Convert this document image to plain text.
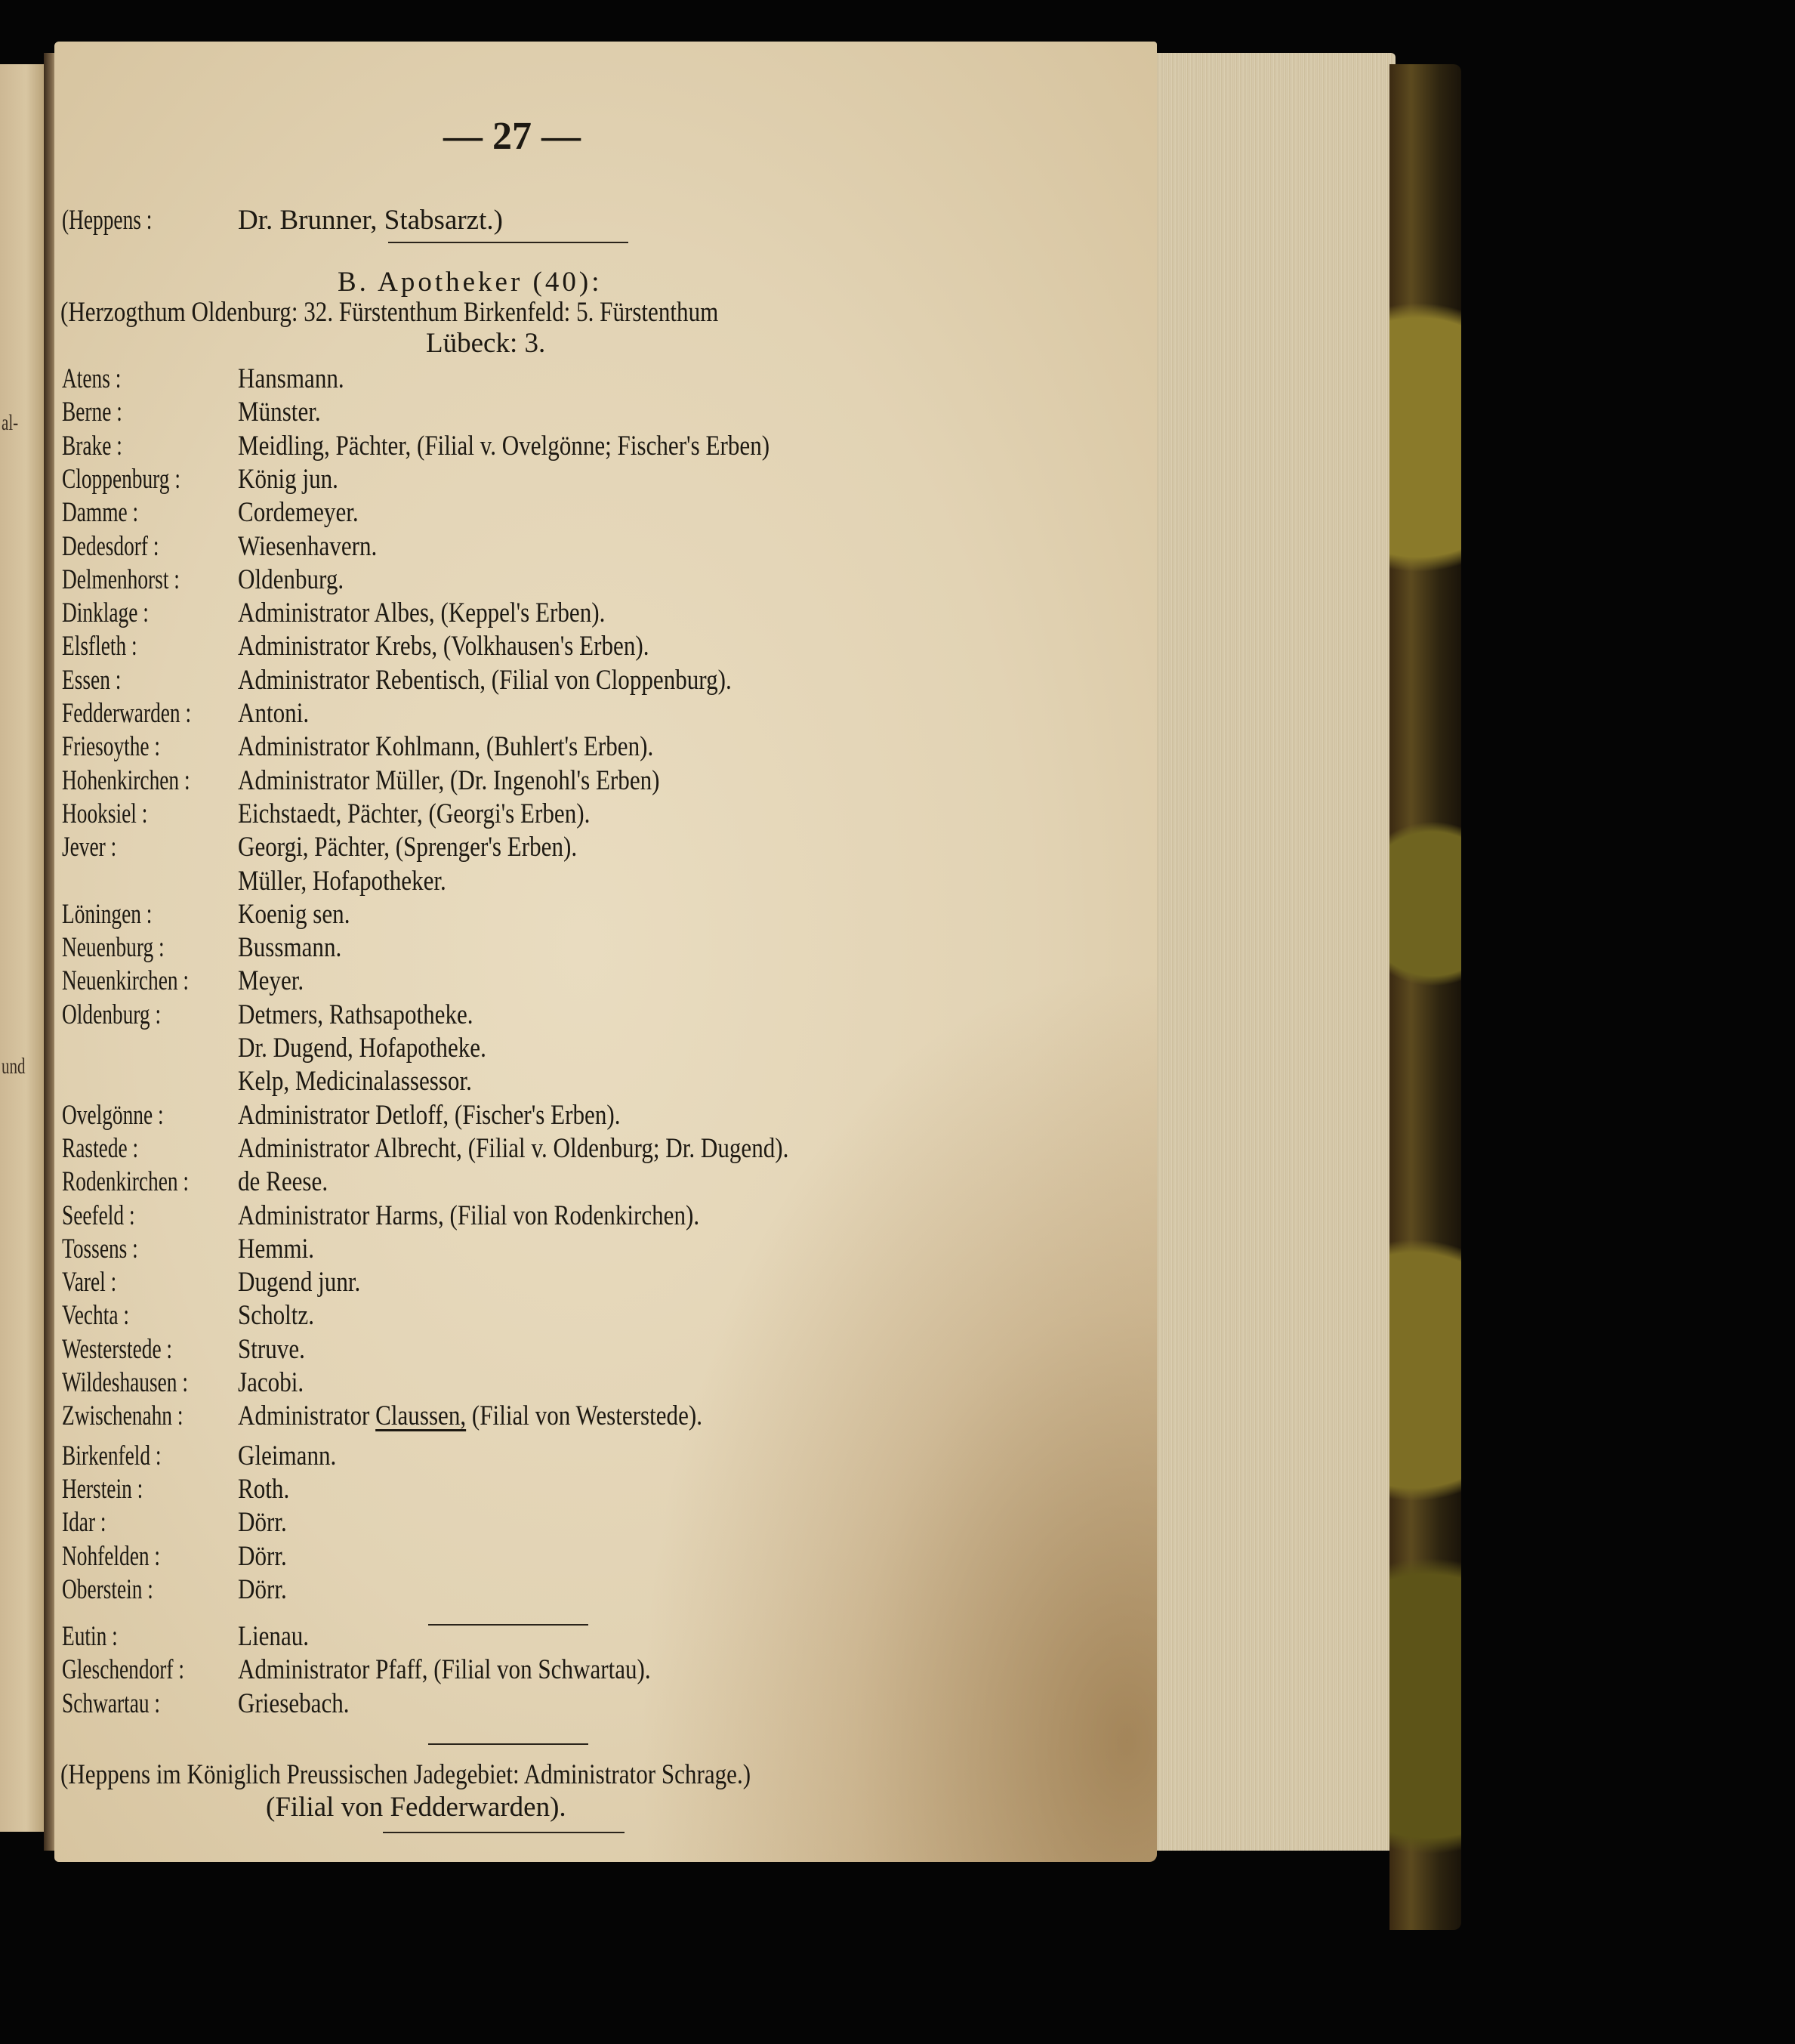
al-
und
— 27 —
(Heppens :	Dr. Brunner, Stabsarzt.)
B. Apotheker (40):
(Herzogthum Oldenburg: 32. Fürstenthum Birkenfeld: 5. Fürstenthum
Lübeck: 3.
Atens :	Hansmann.
Berne :	Münster.
Brake :	Meidling, Pächter, (Filial v. Ovelgönne; Fischer's Erben)
Cloppenburg : König jun.
Damme :	Cordemeyer.
Dedesdorf :	Wiesenhavern.
Delmenhorst : Oldenburg.
Dinklage :	Administrator Albes, (Keppel's Erben).
Elsfleth :	Administrator Krebs, (Volkhausen's Erben).
Essen :	Administrator Rebentisch, (Filial von Cloppenburg).
Fedderwarden : Antoni.
Friesoythe :	Administrator Kohlmann, (Buhlert's Erben).
Hohenkirchen : Administrator Müller, (Dr. Ingenohl's Erben)
Hooksiel :	Eichstaedt, Pächter, (Georgi's Erben).
Jever :	Georgi, Pächter, (Sprenger's Erben).
Müller, Hofapotheker.
Löningen :	Koenig sen.
Neuenburg :	Bussmann.
Neuenkirchen : Meyer.
Oldenburg :	Detmers, Rathsapotheke.
Dr. Dugend, Hofapotheke.
Kelp, Medicinalassessor.
Ovelgönne :	Administrator Detloff, (Fischer's Erben).
Rastede :	Administrator Albrecht, (Filial v. Oldenburg; Dr. Dugend).
Rodenkirchen : de Reese.
Seefeld :	Administrator Harms, (Filial von Rodenkirchen).
Tossens :	Hemmi.
Varel :	Dugend junr.
Vechta :	Scholtz.
Westerstede : Struve.
Wildeshausen : Jacobi.
Zwischenahn : Administrator Claussen, (Filial von Westerstede).
Birkenfeld :	Gleimann.
Herstein :	Roth.
Idar :	Dörr.
Nohfelden :	Dörr.
Oberstein :	Dörr.
Eutin :	Lienau.
Gleschendorf : Administrator Pfaff, (Filial von Schwartau).
Schwartau :	Griesebach.
(Heppens im Königlich Preussischen Jadegebiet: Administrator Schrage.)
(Filial von Fedderwarden).
